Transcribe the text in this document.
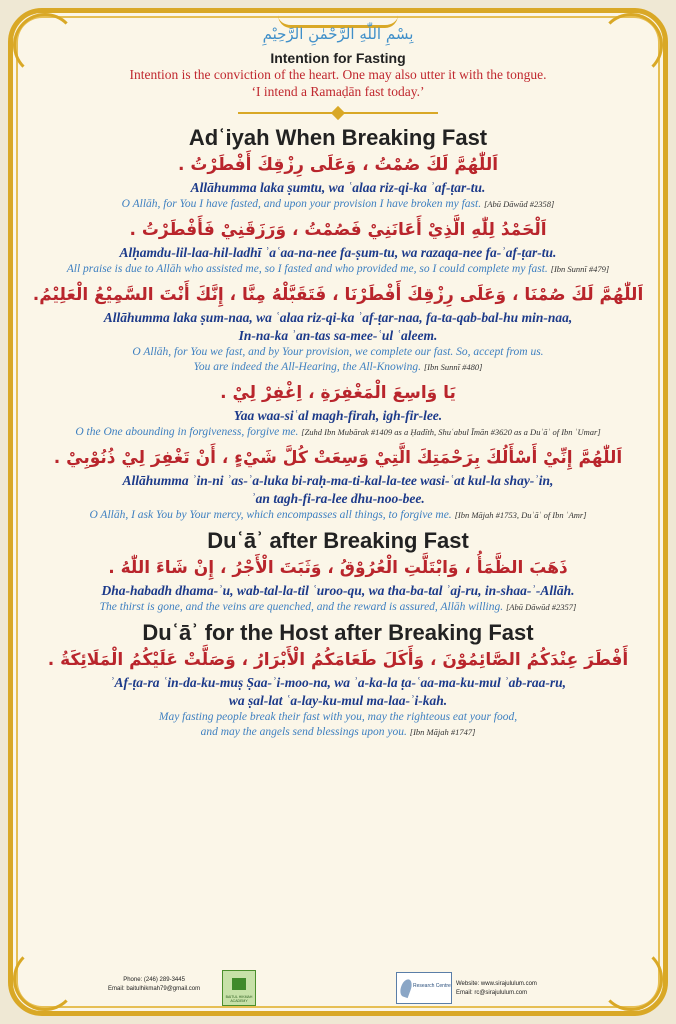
بِسْمِ اللّٰهِ الرَّحْمٰنِ الرَّحِيْمِ
Intention for Fasting
Intention is the conviction of the heart. One may also utter it with the tongue.
‘I intend a Ramaḍān fast today.’
Adʿiyah When Breaking Fast
اَللّٰهُمَّ لَكَ صُمْتُ ، وَعَلَى رِزْقِكَ أَفْطَرْتُ .
Allāhumma laka ṣumtu, wa ʿalaa riz-qi-ka ʾaf-ṭar-tu.
O Allāh, for You I have fasted, and upon your provision I have broken my fast. [Abū Dāwūd #2358]
اَلْحَمْدُ لِلّٰهِ الَّذِيْ أَعَانَنِيْ فَصُمْتُ ، وَرَزَقَنِيْ فَأَفْطَرْتُ .
Alḥamdu-lil-laa-hil-ladhī ʾaʿaa-na-nee fa-ṣum-tu, wa razaqa-nee fa-ʾaf-ṭar-tu.
All praise is due to Allāh who assisted me, so I fasted and who provided me, so I could complete my fast. [Ibn Sunnī #479]
اَللّٰهُمَّ لَكَ صُمْنَا ، وَعَلَى رِزْقِكَ أَفْطَرْنَا ، فَتَقَبَّلْهُ مِنَّا ، إِنَّكَ أَنْتَ السَّمِيْعُ الْعَلِيْمُ.
Allāhumma laka ṣum-naa, wa ʿalaa riz-qi-ka ʾaf-ṭar-naa, fa-ta-qab-bal-hu min-naa,
In-na-ka ʾan-tas sa-mee-ʿul ʿaleem.
O Allāh, for You we fast, and by Your provision, we complete our fast. So, accept from us.
You are indeed the All-Hearing, the All-Knowing. [Ibn Sunnī #480]
يَا وَاسِعَ الْمَغْفِرَةِ ، اِغْفِرْ لِيْ .
Yaa waa-siʿal magh-firah, igh-fir-lee.
O the One abounding in forgiveness, forgive me. [Zuhd Ibn Mubārak #1409 as a Ḥadīth, Shuʿabul Īmān #3620 as a Duʿāʾ of Ibn ʿUmar]
اَللّٰهُمَّ إِنِّيْ أَسْأَلُكَ بِرَحْمَتِكَ الَّتِيْ وَسِعَتْ كُلَّ شَيْءٍ ، أَنْ تَغْفِرَ لِيْ ذُنُوْبِيْ .
Allāhumma ʾin-ni ʾas-ʾa-luka bi-raḥ-ma-ti-kal-la-tee wasi-ʿat kul-la shay-ʾin,
ʾan tagh-fi-ra-lee dhu-noo-bee.
O Allāh, I ask You by Your mercy, which encompasses all things, to forgive me. [Ibn Mājah #1753, Duʿāʾ of Ibn ʿAmr]
Duʿāʾ after Breaking Fast
ذَهَبَ الظَّمَأُ ، وَابْتَلَّتِ الْعُرُوْقُ ، وَثَبَتَ الْأَجْرُ ، إِنْ شَاءَ اللّٰهُ .
Dha-habadh dhama-ʾu, wab-tal-la-til ʿuroo-qu, wa tha-ba-tal ʾaj-ru, in-shaa-ʾ-Allāh.
The thirst is gone, and the veins are quenched, and the reward is assured, Allāh willing. [Abū Dāwūd #2357]
Duʿāʾ for the Host after Breaking Fast
أَفْطَرَ عِنْدَكُمُ الصَّائِمُوْنَ ، وَأَكَلَ طَعَامَكُمُ الْأَبْرَارُ ، وَصَلَّتْ عَلَيْكُمُ الْمَلَائِكَةُ .
ʾAf-ṭa-ra ʿin-da-ku-muṣ Ṣaa-ʾi-moo-na, wa ʾa-ka-la ṭa-ʿaa-ma-ku-mul ʾab-raa-ru,
wa ṣal-lat ʿa-lay-ku-mul ma-laa-ʾi-kah.
May fasting people break their fast with you, may the righteous eat your food,
and may the angels send blessings upon you. [Ibn Mājah #1747]
Phone: (246) 289-3445
Email: baitulhikmah79@gmail.com
BAITUL HIKMAH ACADEMY
Research Centre Website: www.sirajululum.com
Email: rc@sirajululum.com
